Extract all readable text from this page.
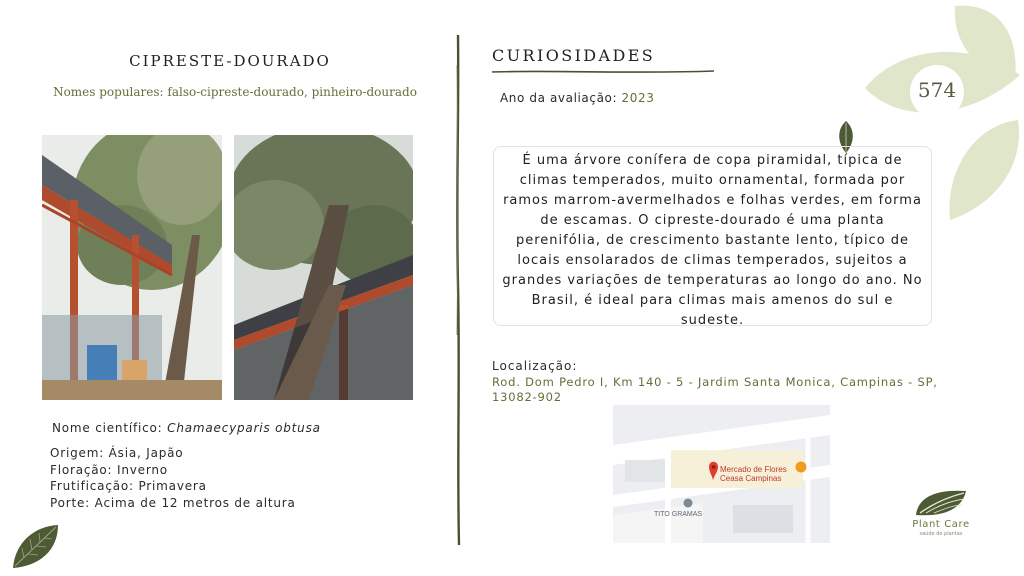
574
CIPRESTE-DOURADO
Nomes populares: falso-cipreste-dourado, pinheiro-dourado
Nome científico: Chamaecyparis obtusa
Origem: Ásia, Japão
Floração: Inverno
Frutificação: Primavera
Porte: Acima de 12 metros de altura
CURIOSIDADES
Ano da avaliação: 2023
É uma árvore conífera de copa piramidal, típica de climas temperados, muito ornamental, formada por ramos marrom-avermelhados e folhas verdes, em forma de escamas. O cipreste-dourado é uma planta perenifólia, de crescimento bastante lento, típico de locais ensolarados de climas temperados, sujeitos a grandes variações de temperaturas ao longo do ano. No Brasil, é ideal para climas mais amenos do sul e sudeste.
Localização:
Rod. Dom Pedro I, Km 140 - 5 - Jardim Santa Monica, Campinas - SP, 13082-902
Mercado de Flores
Ceasa Campinas
TITO GRAMAS
Plant Care
saúde de plantas
